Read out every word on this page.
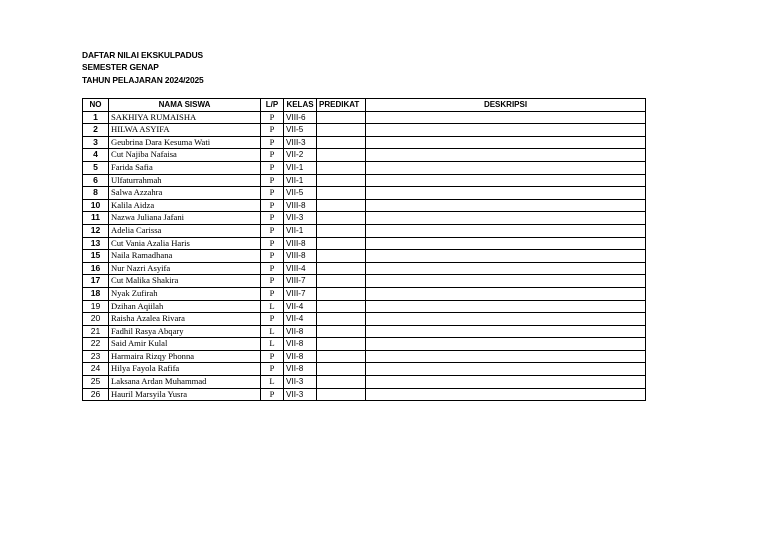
DAFTAR NILAI EKSKULPADUS
SEMESTER GENAP
TAHUN PELAJARAN 2024/2025
NO	NAMA SISWA	L/P	KELAS	PREDIKAT	DESKRIPSI
1	SAKHIYA RUMAISHA	P	VIII-6		
2	HILWA ASYIFA	P	VII-5		
3	Geubrina Dara Kesuma Wati	P	VIII-3		
4	Cut Najiba Nafaisa	P	VII-2		
5	Farida Safia	P	VII-1		
6	Ulfaturrahmah	P	VII-1		
8	Salwa Azzahra	P	VII-5		
10	Kalila Aidza	P	VIII-8		
11	Nazwa Juliana Jafani	P	VII-3		
12	Adelia Carissa	P	VII-1		
13	Cut Vania Azalia Haris	P	VIII-8		
15	Naila Ramadhana	P	VIII-8		
16	Nur Nazri Asyifa	P	VIII-4		
17	Cut Malika Shakira	P	VIII-7		
18	Nyak Zufirah	P	VIII-7		
19	Dzihan Aqiilah	L	VII-4		
20	Raisha Azalea Rivara	P	VII-4		
21	Fadhil Rasya Abqary	L	VII-8		
22	Said Amir Kulal	L	VII-8		
23	Harmaira Rizqy Phonna	P	VII-8		
24	Hilya Fayola Rafifa	P	VII-8		
25	Laksana Ardan Muhammad	L	VII-3		
26	Hauril Marsyila Yusra	P	VII-3		
